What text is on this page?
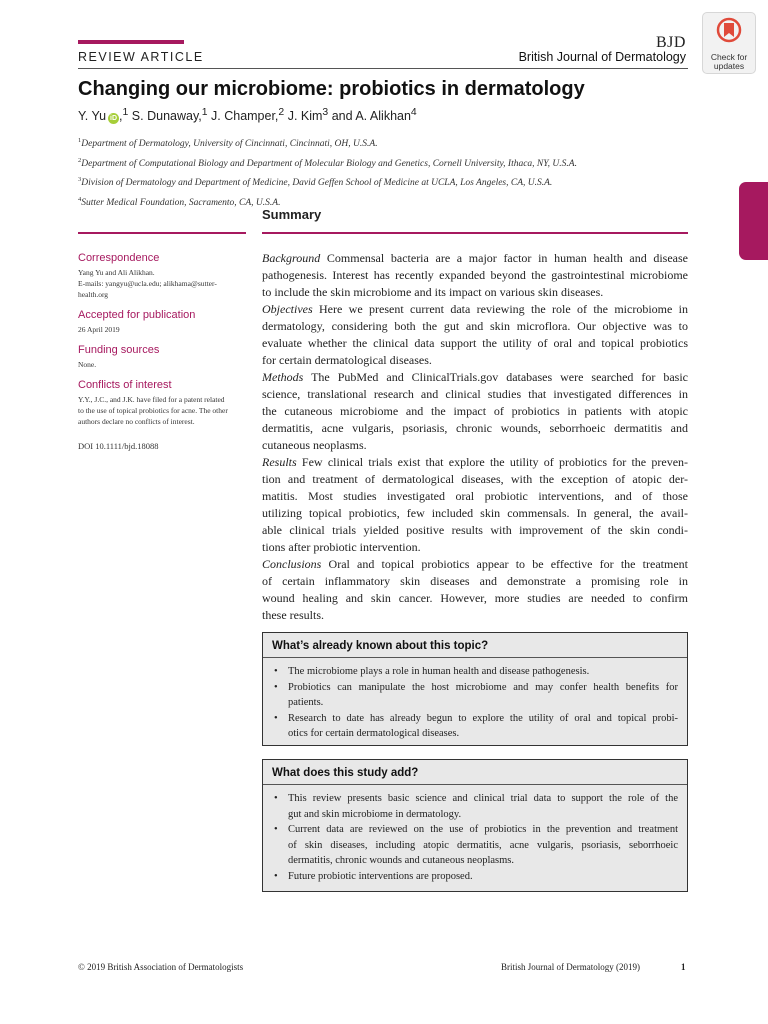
REVIEW ARTICLE
BJD
British Journal of Dermatology	Check for
updates
Changing our microbiome: probiotics in dermatology
Y. Yu iD ,$^1$ S. Dunaway,$^1$ J. Champer,$^2$ J. Kim$^3$ and A. Alikhan$^4$
$^1$Department of Dermatology, University of Cincinnati, Cincinnati, OH, U.S.A.
$^2$Department of Computational Biology and Department of Molecular Biology and Genetics, Cornell University, Ithaca, NY, U.S.A.
$^3$Division of Dermatology and Department of Medicine, David Geffen School of Medicine at UCLA, Los Angeles, CA, U.S.A.
$^4$Sutter Medical Foundation, Sacramento, CA, U.S.A.
Summary
Correspondence
Yang Yu and Ali Alikhan.
E-mails: yangyu@ucla.edu; alikhama@sutter-
health.org
Accepted for publication
26 April 2019
Funding sources
None.
Conflicts of interest
Y.Y., J.C., and J.K. have filed for a patent related
to the use of topical probiotics for acne. The other
authors declare no conflicts of interest.
DOI 10.1111/bjd.18088
Background Commensal bacteria are a major factor in human health and disease
pathogenesis. Interest has recently expanded beyond the gastrointestinal microbiome
to include the skin microbiome and its impact on various skin diseases.
Objectives Here we present current data reviewing the role of the microbiome in
dermatology, considering both the gut and skin microflora. Our objective was to
evaluate whether the clinical data support the utility of oral and topical probiotics
for certain dermatological diseases.
Methods The PubMed and ClinicalTrials.gov databases were searched for basic
science, translational research and clinical studies that investigated differences in
the cutaneous microbiome and the impact of probiotics in patients with atopic
dermatitis, acne vulgaris, psoriasis, chronic wounds, seborrhoeic dermatitis and
cutaneous neoplasms.
Results Few clinical trials exist that explore the utility of probiotics for the preven-
tion and treatment of dermatological diseases, with the exception of atopic der-
matitis. Most studies investigated oral probiotic interventions, and of those
utilizing topical probiotics, few included skin commensals. In general, the avail-
able clinical trials yielded positive results with improvement of the skin condi-
tions after probiotic intervention.
Conclusions Oral and topical probiotics appear to be effective for the treatment
of certain inflammatory skin diseases and demonstrate a promising role in
wound healing and skin cancer. However, more studies are needed to confirm
these results.
What’s already known about this topic?
• The microbiome plays a role in human health and disease pathogenesis.
• Probiotics can manipulate the host microbiome and may confer health benefits for
patients.
• Research to date has already begun to explore the utility of oral and topical probi-
otics for certain dermatological diseases.
What does this study add?
• This review presents basic science and clinical trial data to support the role of the
gut and skin microbiome in dermatology.
• Current data are reviewed on the use of probiotics in the prevention and treatment
of skin diseases, including atopic dermatitis, acne vulgaris, psoriasis, seborrhoeic
dermatitis, chronic wounds and cutaneous neoplasms.
• Future probiotic interventions are proposed.
© 2019 British Association of Dermatologists	British Journal of Dermatology (2019)	1
